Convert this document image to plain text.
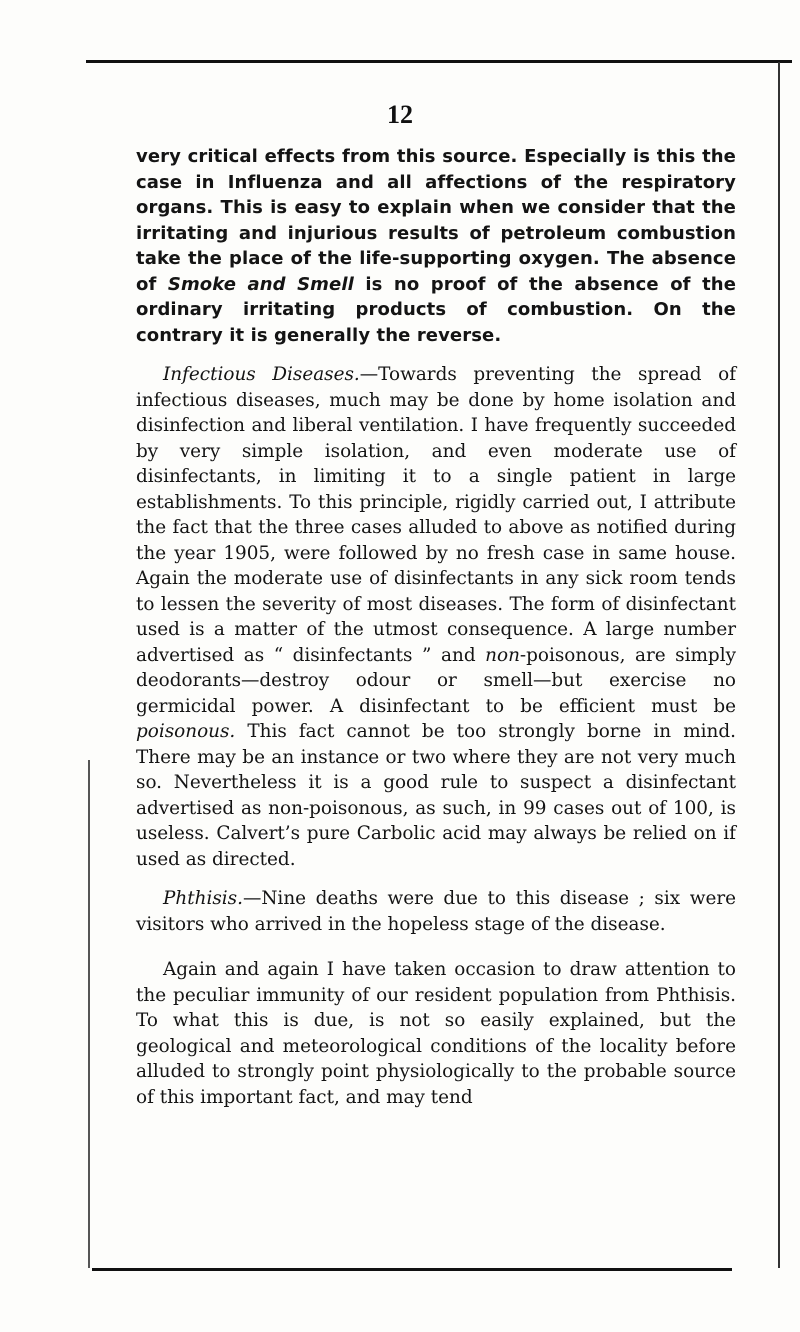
12

very critical effects from this source. Especially is this the case in Influenza and all affections of the respiratory organs. This is easy to explain when we consider that the irritating and injurious results of petroleum combustion take the place of the life-supporting oxygen. The absence of Smoke and Smell is no proof of the absence of the ordinary irritating products of combustion. On the contrary it is generally the reverse.

Infectious Diseases.—Towards preventing the spread of infectious diseases, much may be done by home isolation and disinfection and liberal ventilation. I have frequently succeeded by very simple isolation, and even moderate use of disinfectants, in limiting it to a single patient in large establishments. To this principle, rigidly carried out, I attribute the fact that the three cases alluded to above as notified during the year 1905, were followed by no fresh case in same house. Again the moderate use of disinfectants in any sick room tends to lessen the severity of most diseases. The form of disinfectant used is a matter of the utmost consequence. A large number advertised as “ disinfectants ” and non-poisonous, are simply deodorants—destroy odour or smell—but exercise no germicidal power. A disinfectant to be efficient must be poisonous. This fact cannot be too strongly borne in mind. There may be an instance or two where they are not very much so. Nevertheless it is a good rule to suspect a disinfectant advertised as non-poisonous, as such, in 99 cases out of 100, is useless. Calvert’s pure Carbolic acid may always be relied on if used as directed.

Phthisis.—Nine deaths were due to this disease ; six were visitors who arrived in the hopeless stage of the disease.

Again and again I have taken occasion to draw attention to the peculiar immunity of our resident population from Phthisis. To what this is due, is not so easily explained, but the geological and meteorological conditions of the locality before alluded to strongly point physiologically to the probable source of this important fact, and may tend
